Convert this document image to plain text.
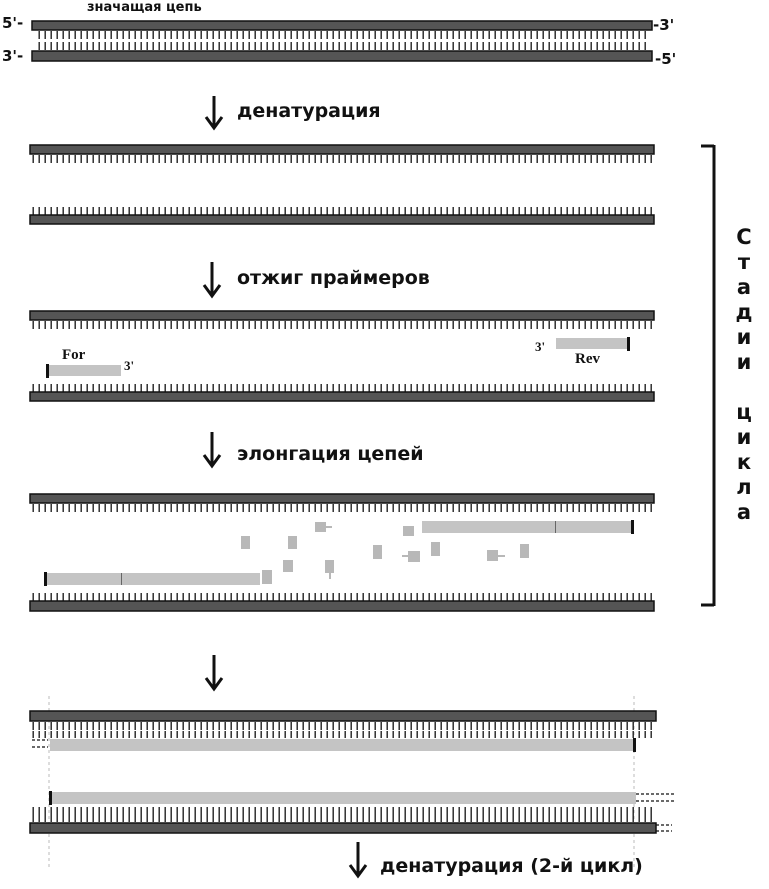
значащая цепь
5'-	-3'
3'-	-5'
денатурация
отжиг праймеров
3'
Rev
For
3'
элонгация цепей
С
т
а
д
и
и
ц
и
к
л
а
денатурация (2-й цикл)
